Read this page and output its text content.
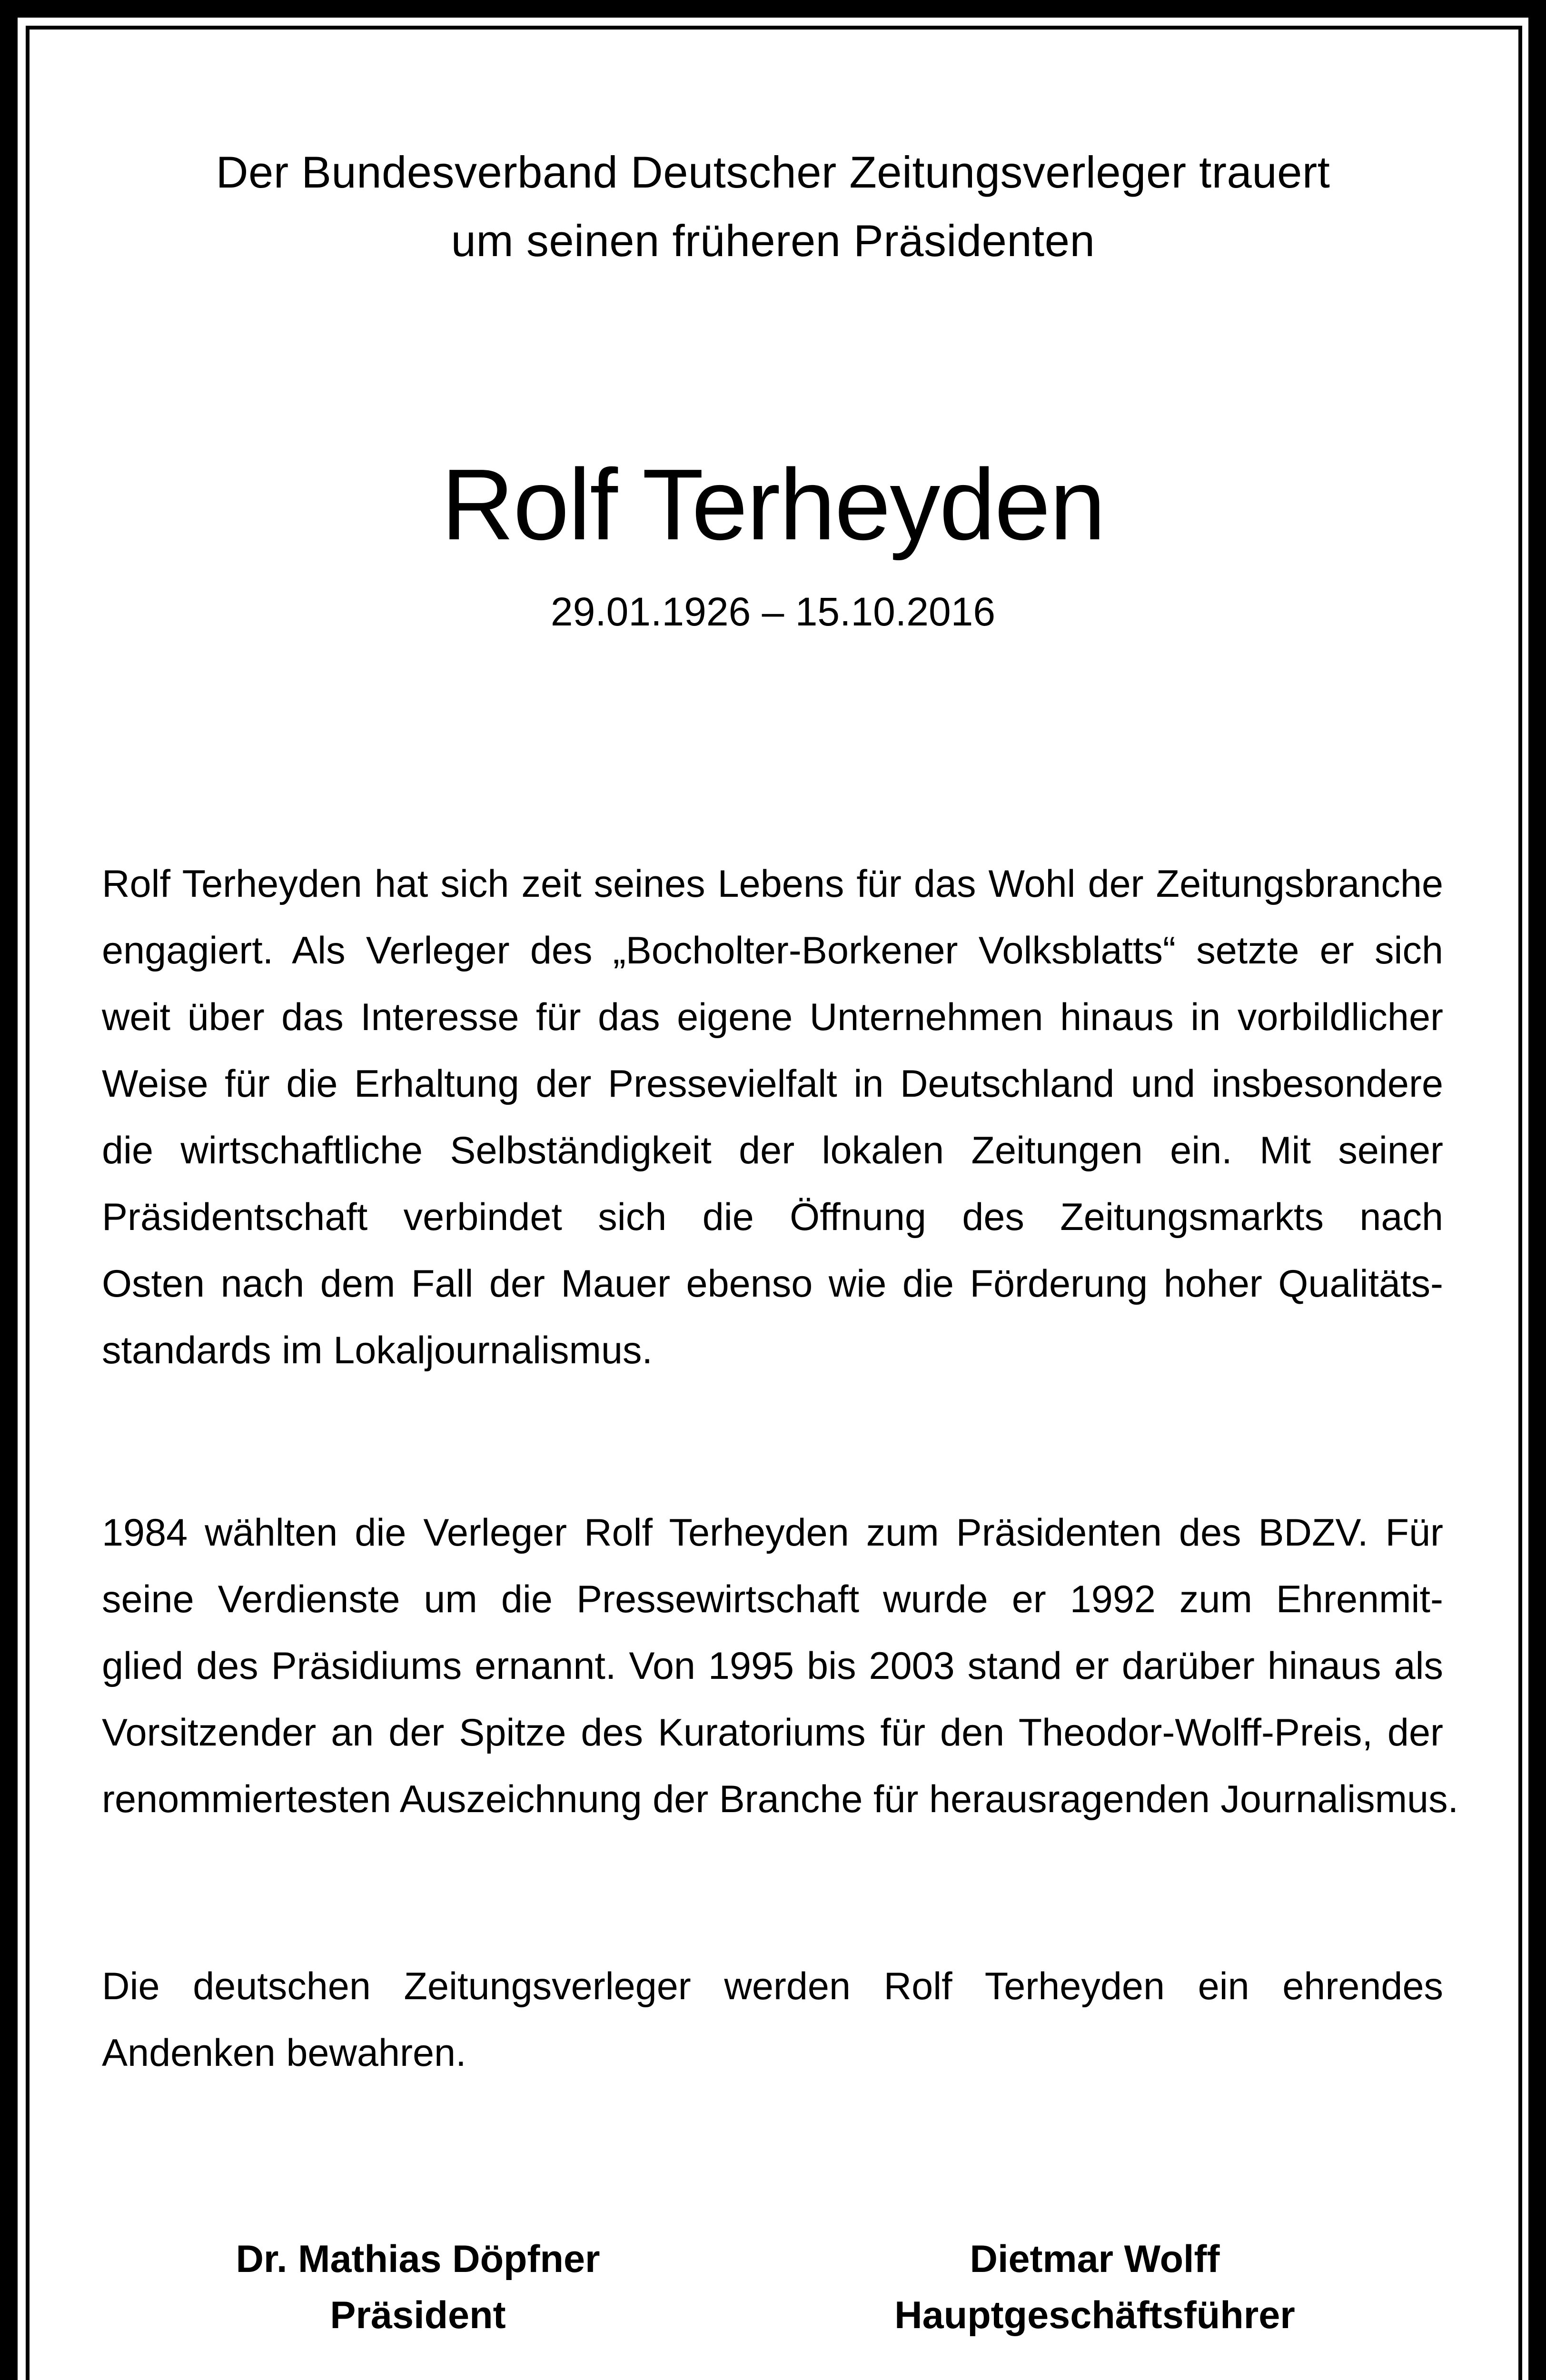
Der Bundesverband Deutscher Zeitungsverleger trauert
um seinen früheren Präsidenten
Rolf Terheyden
29.01.1926 – 15.10.2016
Rolf Terheyden hat sich zeit seines Lebens für das Wohl der Zeitungsbranche
engagiert. Als Verleger des „Bocholter-Borkener Volksblatts“ setzte er sich
weit über das Interesse für das eigene Unternehmen hinaus in vorbildlicher
Weise für die Erhaltung der Pressevielfalt in Deutschland und insbesondere
die wirtschaftliche Selbständigkeit der lokalen Zeitungen ein. Mit seiner
Präsidentschaft verbindet sich die Öffnung des Zeitungsmarkts nach
Osten nach dem Fall der Mauer ebenso wie die Förderung hoher Qualitäts-
standards im Lokaljournalismus.
1984 wählten die Verleger Rolf Terheyden zum Präsidenten des BDZV. Für
seine Verdienste um die Pressewirtschaft wurde er 1992 zum Ehrenmit-
glied des Präsidiums ernannt. Von 1995 bis 2003 stand er darüber hinaus als
Vorsitzender an der Spitze des Kuratoriums für den Theodor-Wolff-Preis, der
renommiertesten Auszeichnung der Branche für herausragenden Journalismus.
Die deutschen Zeitungsverleger werden Rolf Terheyden ein ehrendes
Andenken bewahren.
Dr. Mathias Döpfner
Präsident
Dietmar Wolff
Hauptgeschäftsführer
